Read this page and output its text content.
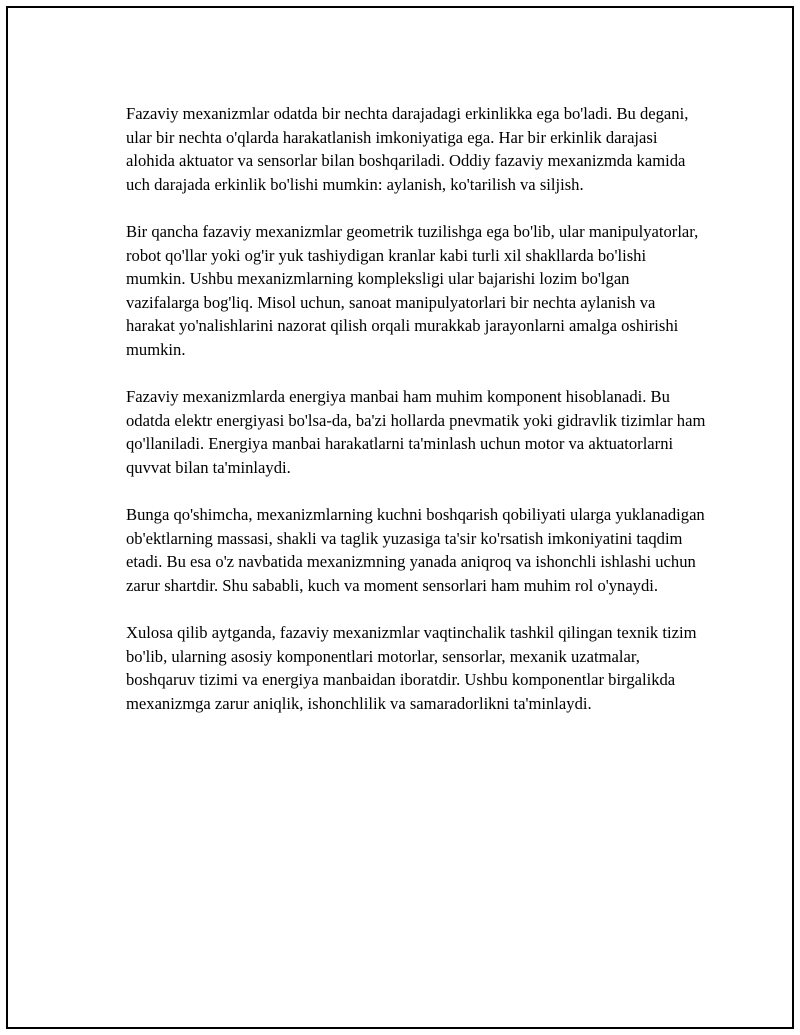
Fazaviy mexanizmlar odatda bir nechta darajadagi erkinlikka ega bo'ladi. Bu degani, ular bir nechta o'qlarda harakatlanish imkoniyatiga ega. Har bir erkinlik darajasi alohida aktuator va sensorlar bilan boshqariladi. Oddiy fazaviy mexanizmda kamida uch darajada erkinlik bo'lishi mumkin: aylanish, ko'tarilish va siljish.

Bir qancha fazaviy mexanizmlar geometrik tuzilishga ega bo'lib, ular manipulyatorlar, robot qo'llar yoki og'ir yuk tashiydigan kranlar kabi turli xil shakllarda bo'lishi mumkin. Ushbu mexanizmlarning kompleksligi ular bajarishi lozim bo'lgan vazifalarga bog'liq. Misol uchun, sanoat manipulyatorlari bir nechta aylanish va harakat yo'nalishlarini nazorat qilish orqali murakkab jarayonlarni amalga oshirishi mumkin.

Fazaviy mexanizmlarda energiya manbai ham muhim komponent hisoblanadi. Bu odatda elektr energiyasi bo'lsa-da, ba'zi hollarda pnevmatik yoki gidravlik tizimlar ham qo'llaniladi. Energiya manbai harakatlarni ta'minlash uchun motor va aktuatorlarni quvvat bilan ta'minlaydi.

Bunga qo'shimcha, mexanizmlarning kuchni boshqarish qobiliyati ularga yuklanadigan ob'ektlarning massasi, shakli va taglik yuzasiga ta'sir ko'rsatish imkoniyatini taqdim etadi. Bu esa o'z navbatida mexanizmning yanada aniqroq va ishonchli ishlashi uchun zarur shartdir. Shu sababli, kuch va moment sensorlari ham muhim rol o'ynaydi.

Xulosa qilib aytganda, fazaviy mexanizmlar vaqtinchalik tashkil qilingan texnik tizim bo'lib, ularning asosiy komponentlari motorlar, sensorlar, mexanik uzatmalar, boshqaruv tizimi va energiya manbaidan iboratdir. Ushbu komponentlar birgalikda mexanizmga zarur aniqlik, ishonchlilik va samaradorlikni ta'minlaydi.
